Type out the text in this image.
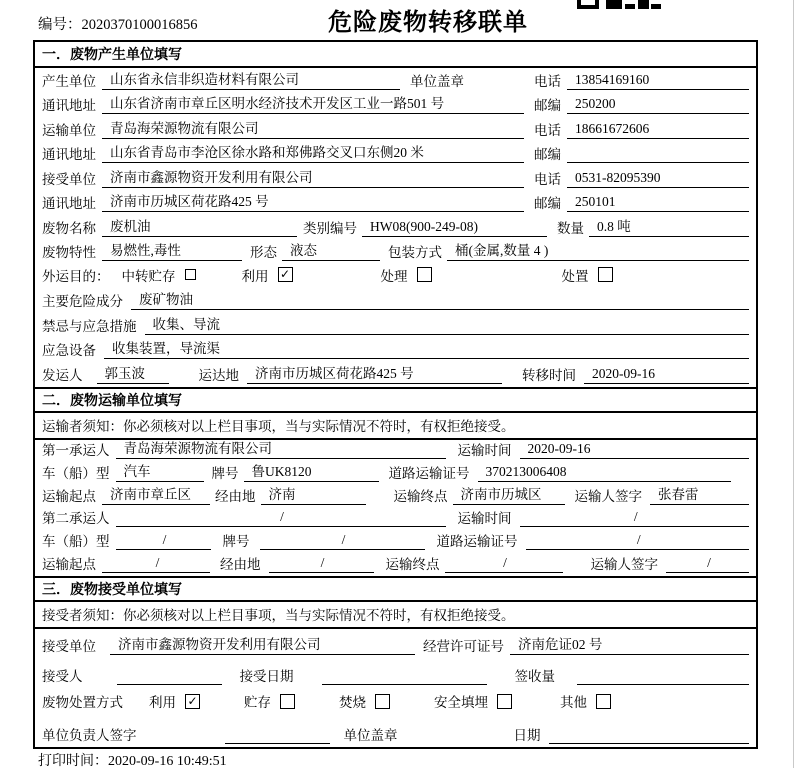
编号：2020370100016856	危险废物转移联单
一．废物产生单位填写
产生单位	山东省永信非织造材料有限公司	单位盖章	电话	13854169160
通讯地址	山东省济南市章丘区明水经济技术开发区工业一路501 号	邮编	250200
运输单位	青岛海荣源物流有限公司	电话	18661672606
通讯地址	山东省青岛市李沧区徐水路和郑佛路交叉口东侧20 米	邮编
接受单位	济南市鑫源物资开发利用有限公司	电话	0531-82095390
通讯地址	济南市历城区荷花路425 号	邮编	250101
废物名称	废机油	类别编号 HW08(900-249-08)	数量 0.8 吨
废物特性	易燃性,毒性	形态 液态	包装方式 桶(金属,数量 4 )
外运目的： 中转贮存	利用 ✓	处理	处置
主要危险成分	废矿物油
禁忌与应急措施	收集、导流
应急设备	收集装置，导流渠
发运人	郭玉波	运达地	济南市历城区荷花路425 号	转移时间	2020-09-16
二．废物运输单位填写
运输者须知：你必须核对以上栏目事项，当与实际情况不符时，有权拒绝接受。
第一承运人	青岛海荣源物流有限公司	运输时间	2020-09-16
车（船）型	汽车	牌号 鲁UK8120	道路运输证号	370213006408
运输起点	济南市章丘区	经由地 济南	运输终点 济南市历城区	运输人签字	张春雷
第二承运人	/	运输时间	/
车（船）型	/	牌号	/	道路运输证号	/
运输起点	/	经由地	/	运输终点	/	运输人签字	/
三．废物接受单位填写
接受者须知：你必须核对以上栏目事项，当与实际情况不符时，有权拒绝接受。
接受单位	济南市鑫源物资开发利用有限公司	经营许可证号	济南危证02 号
接受人	接受日期	签收量
废物处置方式 利用 ✓	贮存	焚烧	安全填埋	其他
单位负责人签字	单位盖章	日期
打印时间：2020-09-16 10:49:51
